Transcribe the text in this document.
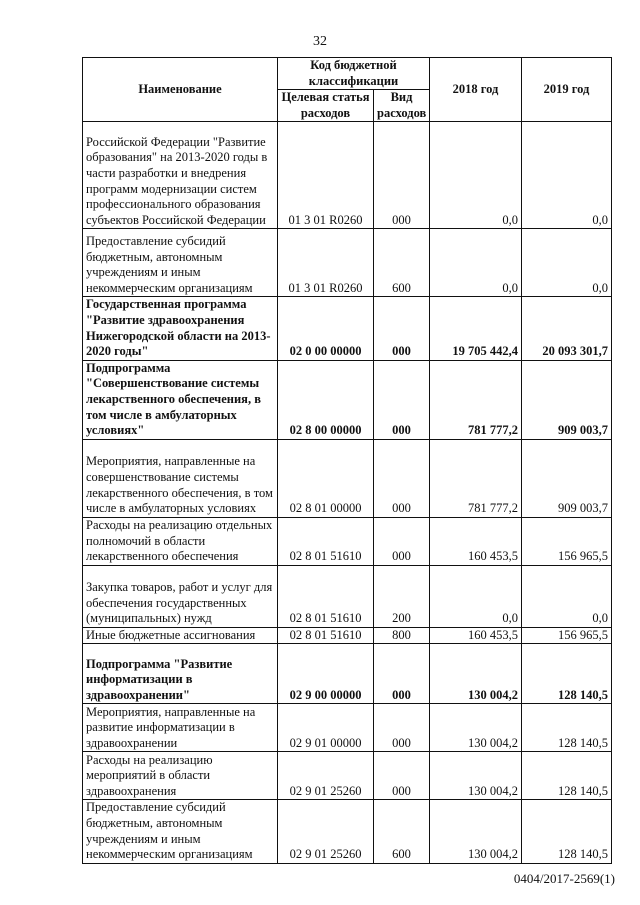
32
Наименование	Код бюджетной классификации		2018 год	2019 год
	Целевая статья расходов	Вид расходов		
Российской Федерации "Развитие образования" на 2013-2020 годы в части разработки и внедрения программ модернизации систем профессионального образования субъектов Российской Федерации	01 3 01 R0260	000	0,0	0,0
Предоставление субсидий бюджетным, автономным учреждениям и иным некоммерческим организациям	01 3 01 R0260	600	0,0	0,0
Государственная программа "Развитие здравоохранения Нижегородской области на 2013-2020 годы"	02 0 00 00000	000	19 705 442,4	20 093 301,7
Подпрограмма "Совершенствование системы лекарственного обеспечения, в том числе в амбулаторных условиях"	02 8 00 00000	000	781 777,2	909 003,7
Мероприятия, направленные на совершенствование системы лекарственного обеспечения, в том числе в амбулаторных условиях	02 8 01 00000	000	781 777,2	909 003,7
Расходы на реализацию отдельных полномочий в области лекарственного обеспечения	02 8 01 51610	000	160 453,5	156 965,5
Закупка товаров, работ и услуг для обеспечения государственных (муниципальных) нужд	02 8 01 51610	200	0,0	0,0
Иные бюджетные ассигнования	02 8 01 51610	800	160 453,5	156 965,5
Подпрограмма "Развитие информатизации в здравоохранении"	02 9 00 00000	000	130 004,2	128 140,5
Мероприятия, направленные на развитие информатизации в здравоохранении	02 9 01 00000	000	130 004,2	128 140,5
Расходы на реализацию мероприятий в области здравоохранения	02 9 01 25260	000	130 004,2	128 140,5
Предоставление субсидий бюджетным, автономным учреждениям и иным некоммерческим организациям	02 9 01 25260	600	130 004,2	128 140,5
0404/2017-2569(1)
